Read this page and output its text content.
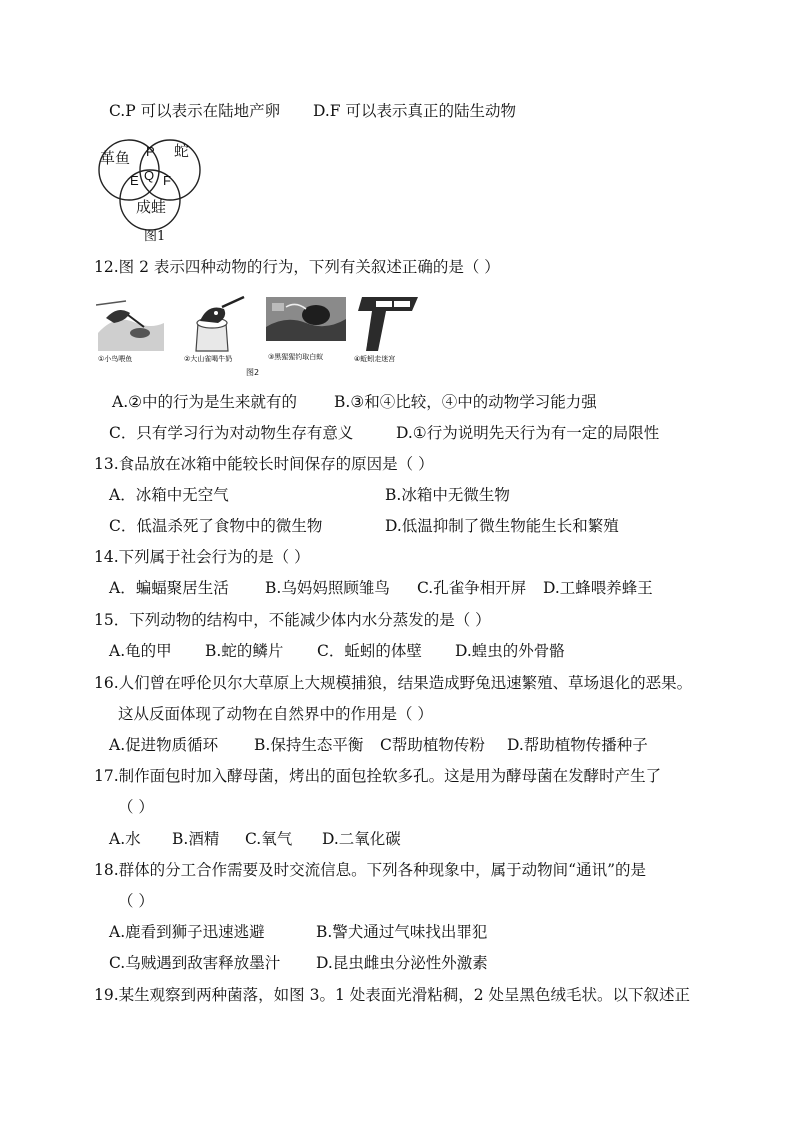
C.P 可以表示在陆地产卵 D.F 可以表示真正的陆生动物
革鱼	蛇
P
E Q F
成蛙
图1
12.图 2 表示四种动物的行为，下列有关叙述正确的是（ ）
①小鸟喂鱼	②大山雀喝牛奶	③黑猩猩钓取白蚁	④蚯蚓走迷宫
图2
A.②中的行为是生来就有的 B.③和④比较，④中的动物学习能力强
C．只有学习行为对动物生存有意义	D.①行为说明先天行为有一定的局限性
13.食品放在冰箱中能较长时间保存的原因是（ ）
A．冰箱中无空气	B.冰箱中无微生物
C．低温杀死了食物中的微生物	D.低温抑制了微生物能生长和繁殖
14.下列属于社会行为的是（ ）
A．蝙蝠聚居生活 B.乌妈妈照顾雏鸟 C.孔雀争相开屏 D.工蜂喂养蜂王
15．下列动物的结构中，不能减少体内水分蒸发的是（ ）
A.龟的甲 B.蛇的鳞片 C．蚯蚓的体壁 D.蝗虫的外骨骼
16.人们曾在呼伦贝尔大草原上大规模捕狼，结果造成野兔迅速繁殖、草场退化的恶果。
这从反面体现了动物在自然界中的作用是（ ）
A.促进物质循环 B.保持生态平衡 C帮助植物传粉 D.帮助植物传播种子
17.制作面包时加入酵母菌，烤出的面包拴软多孔。这是用为酵母菌在发酵时产生了
（ ）
A.水 B.酒精 C.氧气 D.二氧化碳
18.群体的分工合作需要及时交流信息。下列各种现象中，属于动物间“通讯”的是
（ ）
A.鹿看到狮子迅速逃避	B.警犬通过气味找出罪犯
C.乌贼遇到敌害释放墨汁 D.昆虫雌虫分泌性外激素
19.某生观察到两种菌落，如图 3。1 处表面光滑粘稠，2 处呈黑色绒毛状。以下叙述正
